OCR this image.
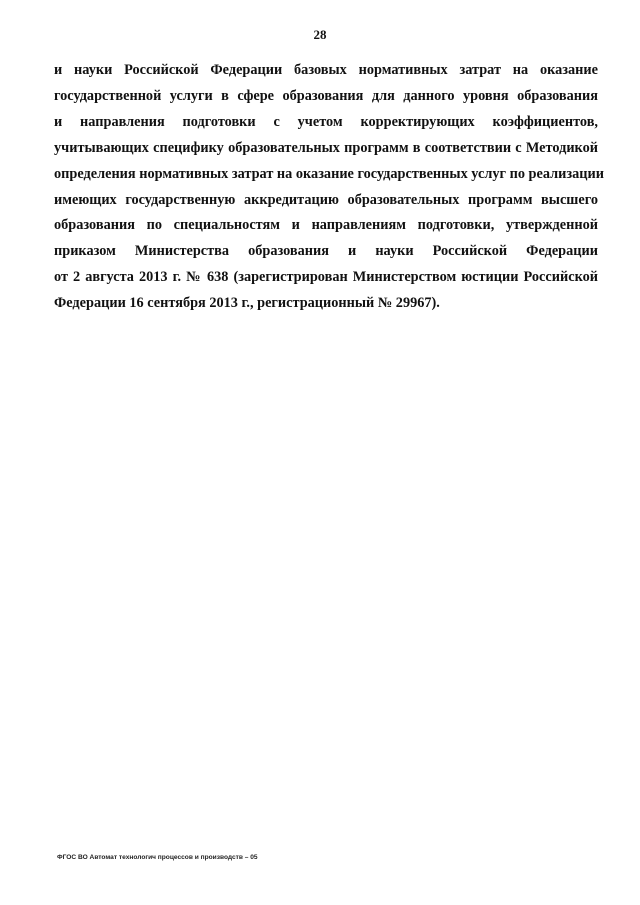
28

и науки Российской Федерации базовых нормативных затрат на оказание
государственной услуги в сфере образования для данного уровня образования
и направления подготовки с учетом корректирующих коэффициентов,
учитывающих специфику образовательных программ в соответствии с Методикой
определения нормативных затрат на оказание государственных услуг по реализации
имеющих государственную аккредитацию образовательных программ высшего
образования по специальностям и направлениям подготовки, утвержденной
приказом Министерства образования и науки Российской Федерации
от 2 августа 2013 г. № 638 (зарегистрирован Министерством юстиции Российской
Федерации 16 сентября 2013 г., регистрационный № 29967).

ФГОС ВО Автомат технологич процессов и производств – 05
